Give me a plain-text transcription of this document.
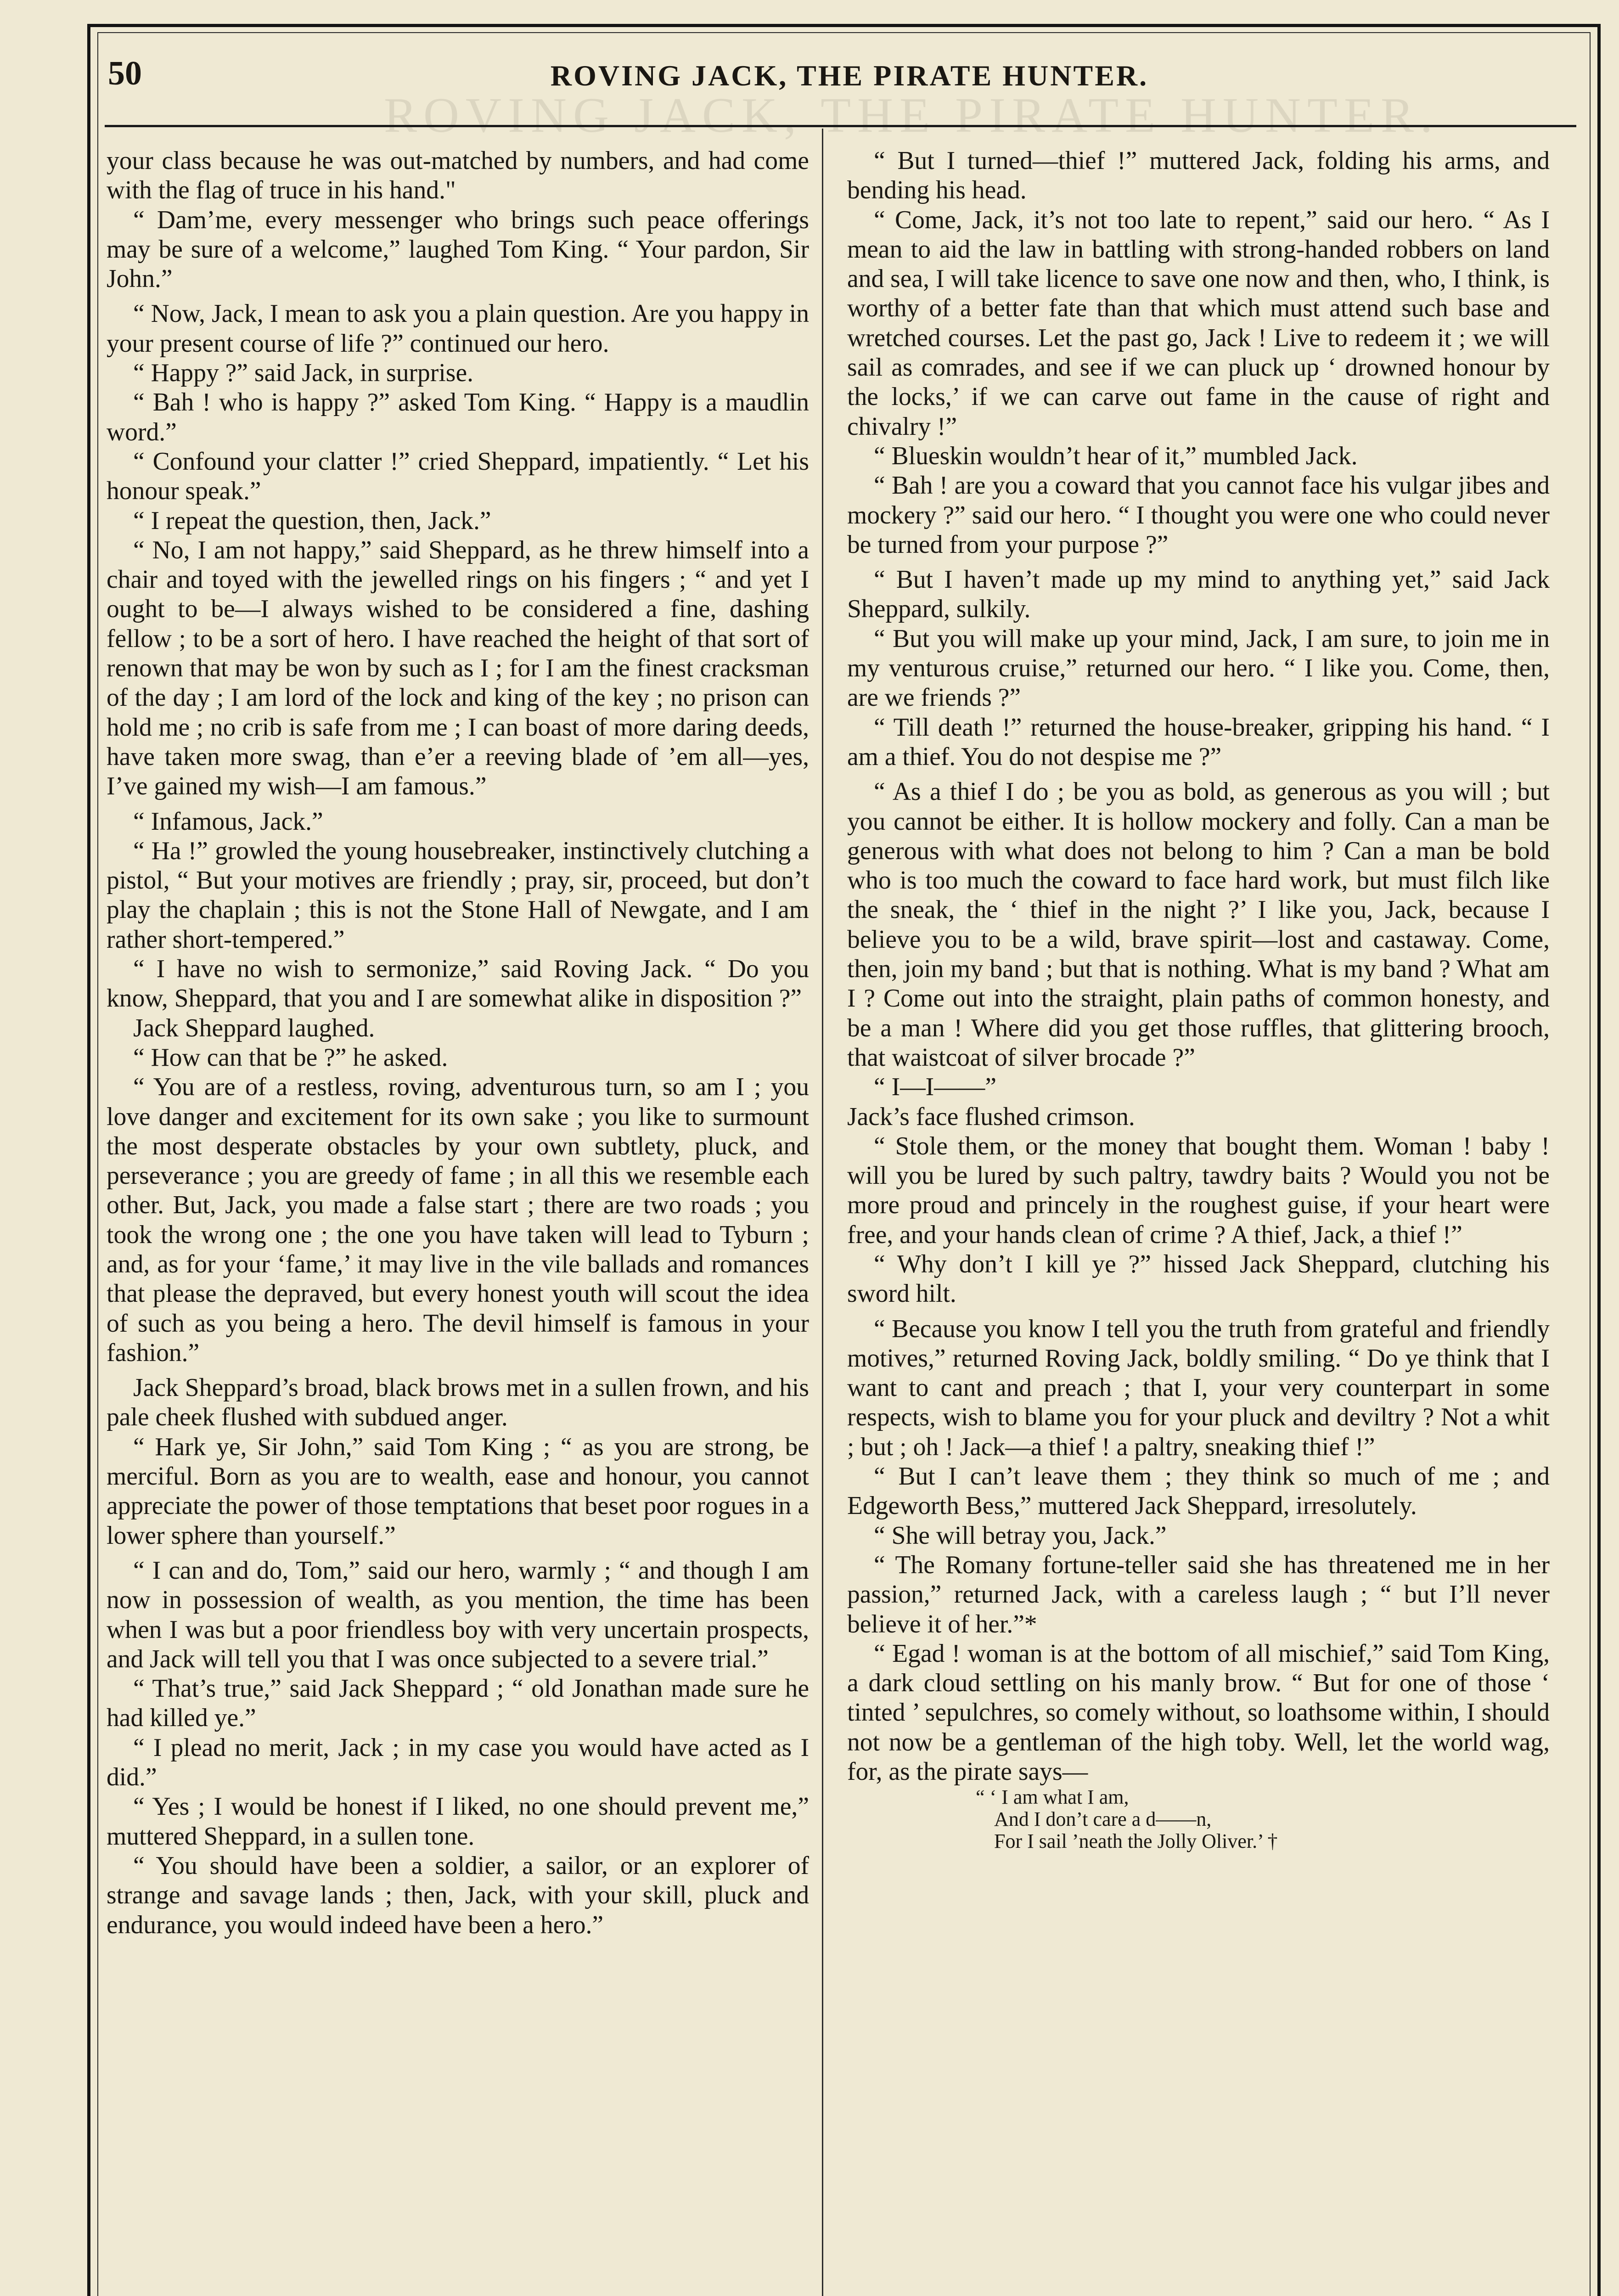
ROVING JACK, THE PIRATE HUNTER.
50	ROVING JACK, THE PIRATE HUNTER.

your class because he was out-matched by numbers, and had come with the flag of truce in his hand."

“ Dam’me, every messenger who brings such peace offerings may be sure of a welcome,” laughed Tom King. “ Your pardon, Sir John.”

“ Now, Jack, I mean to ask you a plain question. Are you happy in your present course of life ?” continued our hero.

“ Happy ?” said Jack, in surprise.

“ Bah ! who is happy ?” asked Tom King. “ Happy is a maudlin word.”

“ Confound your clatter !” cried Sheppard, impatiently. “ Let his honour speak.”

“ I repeat the question, then, Jack.”

“ No, I am not happy,” said Sheppard, as he threw himself into a chair and toyed with the jewelled rings on his fingers ; “ and yet I ought to be—I always wished to be considered a fine, dashing fellow ; to be a sort of hero. I have reached the height of that sort of renown that may be won by such as I ; for I am the finest cracksman of the day ; I am lord of the lock and king of the key ; no prison can hold me ; no crib is safe from me ; I can boast of more daring deeds, have taken more swag, than e’er a reeving blade of ’em all—yes, I’ve gained my wish—I am famous.”

“ Infamous, Jack.”

“ Ha !” growled the young housebreaker, instinctively clutching a pistol, “ But your motives are friendly ; pray, sir, proceed, but don’t play the chaplain ; this is not the Stone Hall of Newgate, and I am rather short-tempered.”

“ I have no wish to sermonize,” said Roving Jack. “ Do you know, Sheppard, that you and I are somewhat alike in disposition ?”

Jack Sheppard laughed.

“ How can that be ?” he asked.

“ You are of a restless, roving, adventurous turn, so am I ; you love danger and excitement for its own sake ; you like to surmount the most desperate obstacles by your own subtlety, pluck, and perseverance ; you are greedy of fame ; in all this we resemble each other. But, Jack, you made a false start ; there are two roads ; you took the wrong one ; the one you have taken will lead to Tyburn ; and, as for your ‘fame,’ it may live in the vile ballads and romances that please the depraved, but every honest youth will scout the idea of such as you being a hero. The devil himself is famous in your fashion.”

Jack Sheppard’s broad, black brows met in a sullen frown, and his pale cheek flushed with subdued anger.

“ Hark ye, Sir John,” said Tom King ; “ as you are strong, be merciful. Born as you are to wealth, ease and honour, you cannot appreciate the power of those temptations that beset poor rogues in a lower sphere than yourself.”

“ I can and do, Tom,” said our hero, warmly ; “ and though I am now in possession of wealth, as you mention, the time has been when I was but a poor friendless boy with very uncertain prospects, and Jack will tell you that I was once subjected to a severe trial.”

“ That’s true,” said Jack Sheppard ; “ old Jonathan made sure he had killed ye.”

“ I plead no merit, Jack ; in my case you would have acted as I did.”

“ Yes ; I would be honest if I liked, no one should prevent me,” muttered Sheppard, in a sullen tone.

“ You should have been a soldier, a sailor, or an explorer of strange and savage lands ; then, Jack, with your skill, pluck and endurance, you would indeed have been a hero.”

“ But I turned—thief !” muttered Jack, folding his arms, and bending his head.

“ Come, Jack, it’s not too late to repent,” said our hero. “ As I mean to aid the law in battling with strong-handed robbers on land and sea, I will take licence to save one now and then, who, I think, is worthy of a better fate than that which must attend such base and wretched courses. Let the past go, Jack ! Live to redeem it ; we will sail as comrades, and see if we can pluck up ‘ drowned honour by the locks,’ if we can carve out fame in the cause of right and chivalry !”

“ Blueskin wouldn’t hear of it,” mumbled Jack.

“ Bah ! are you a coward that you cannot face his vulgar jibes and mockery ?” said our hero. “ I thought you were one who could never be turned from your purpose ?”

“ But I haven’t made up my mind to anything yet,” said Jack Sheppard, sulkily.

“ But you will make up your mind, Jack, I am sure, to join me in my venturous cruise,” returned our hero. “ I like you. Come, then, are we friends ?”

“ Till death !” returned the house-breaker, gripping his hand. “ I am a thief. You do not despise me ?”

“ As a thief I do ; be you as bold, as generous as you will ; but you cannot be either. It is hollow mockery and folly. Can a man be generous with what does not belong to him ? Can a man be bold who is too much the coward to face hard work, but must filch like the sneak, the ‘ thief in the night ?’ I like you, Jack, because I believe you to be a wild, brave spirit—lost and castaway. Come, then, join my band ; but that is nothing. What is my band ? What am I ? Come out into the straight, plain paths of common honesty, and be a man ! Where did you get those ruffles, that glittering brooch, that waistcoat of silver brocade ?”

“ I—I——”

Jack’s face flushed crimson.

“ Stole them, or the money that bought them. Woman ! baby ! will you be lured by such paltry, tawdry baits ? Would you not be more proud and princely in the roughest guise, if your heart were free, and your hands clean of crime ? A thief, Jack, a thief !”

“ Why don’t I kill ye ?” hissed Jack Sheppard, clutching his sword hilt.

“ Because you know I tell you the truth from grateful and friendly motives,” returned Roving Jack, boldly smiling. “ Do ye think that I want to cant and preach ; that I, your very counterpart in some respects, wish to blame you for your pluck and deviltry ? Not a whit ; but ; oh ! Jack—a thief ! a paltry, sneaking thief !”

“ But I can’t leave them ; they think so much of me ; and Edgeworth Bess,” muttered Jack Sheppard, irresolutely.

“ She will betray you, Jack.”

“ The Romany fortune-teller said she has threatened me in her passion,” returned Jack, with a careless laugh ; “ but I’ll never believe it of her.”*

“ Egad ! woman is at the bottom of all mischief,” said Tom King, a dark cloud settling on his manly brow. “ But for one of those ‘ tinted ’ sepulchres, so comely without, so loathsome within, I should not now be a gentleman of the high toby. Well, let the world wag, for, as the pirate says—

“ ‘ I am what I am,
And I don’t care a d——n,
For I sail ’neath the Jolly Oliver.’ †
